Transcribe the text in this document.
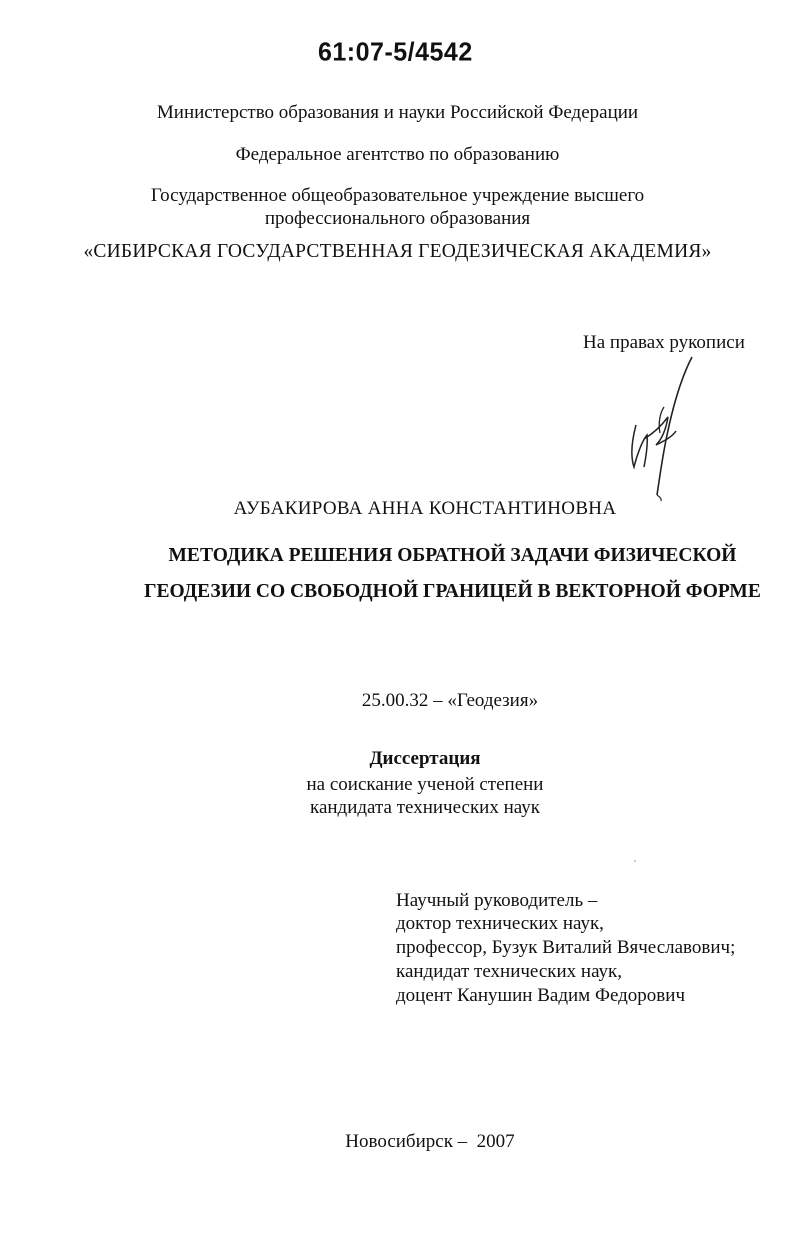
61:07-5/4542
Министерство образования и науки Российской Федерации
Федеральное агентство по образованию
Государственное общеобразовательное учреждение высшего
профессионального образования
«СИБИРСКАЯ ГОСУДАРСТВЕННАЯ ГЕОДЕЗИЧЕСКАЯ АКАДЕМИЯ»
На правах рукописи
АУБАКИРОВА АННА КОНСТАНТИНОВНА
МЕТОДИКА РЕШЕНИЯ ОБРАТНОЙ ЗАДАЧИ ФИЗИЧЕСКОЙ
ГЕОДЕЗИИ СО СВОБОДНОЙ ГРАНИЦЕЙ В ВЕКТОРНОЙ ФОРМЕ
25.00.32 – «Геодезия»
Диссертация
на соискание ученой степени
кандидата технических наук
Научный руководитель –
доктор технических наук,
профессор, Бузук Виталий Вячеславович;
кандидат технических наук,
доцент Канушин Вадим Федорович
Новосибирск –  2007
